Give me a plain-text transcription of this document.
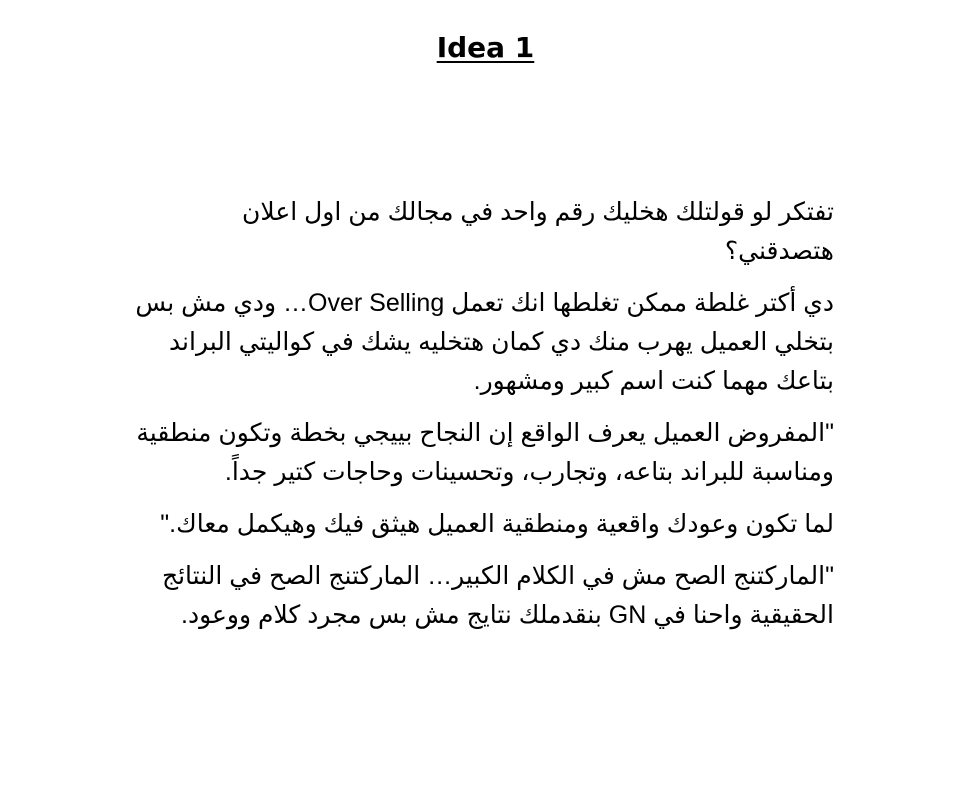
Idea 1

تفتكر لو قولتلك هخليك رقم واحد في مجالك من اول اعلان هتصدقني؟

دي أكتر غلطة ممكن تغلطها انك تعمل Over Selling… ودي مش بس بتخلي العميل يهرب منك دي كمان هتخليه يشك في كواليتي البراند بتاعك مهما كنت اسم كبير ومشهور.

"المفروض العميل يعرف الواقع إن النجاح بييجي بخطة وتكون منطقية ومناسبة للبراند بتاعه، وتجارب، وتحسينات وحاجات كتير جداً.

لما تكون وعودك واقعية ومنطقية العميل هيثق فيك وهيكمل معاك."

"الماركتنج الصح مش في الكلام الكبير… الماركتنج الصح في النتائج الحقيقية واحنا في GN بنقدملك نتايج مش بس مجرد كلام ووعود.
